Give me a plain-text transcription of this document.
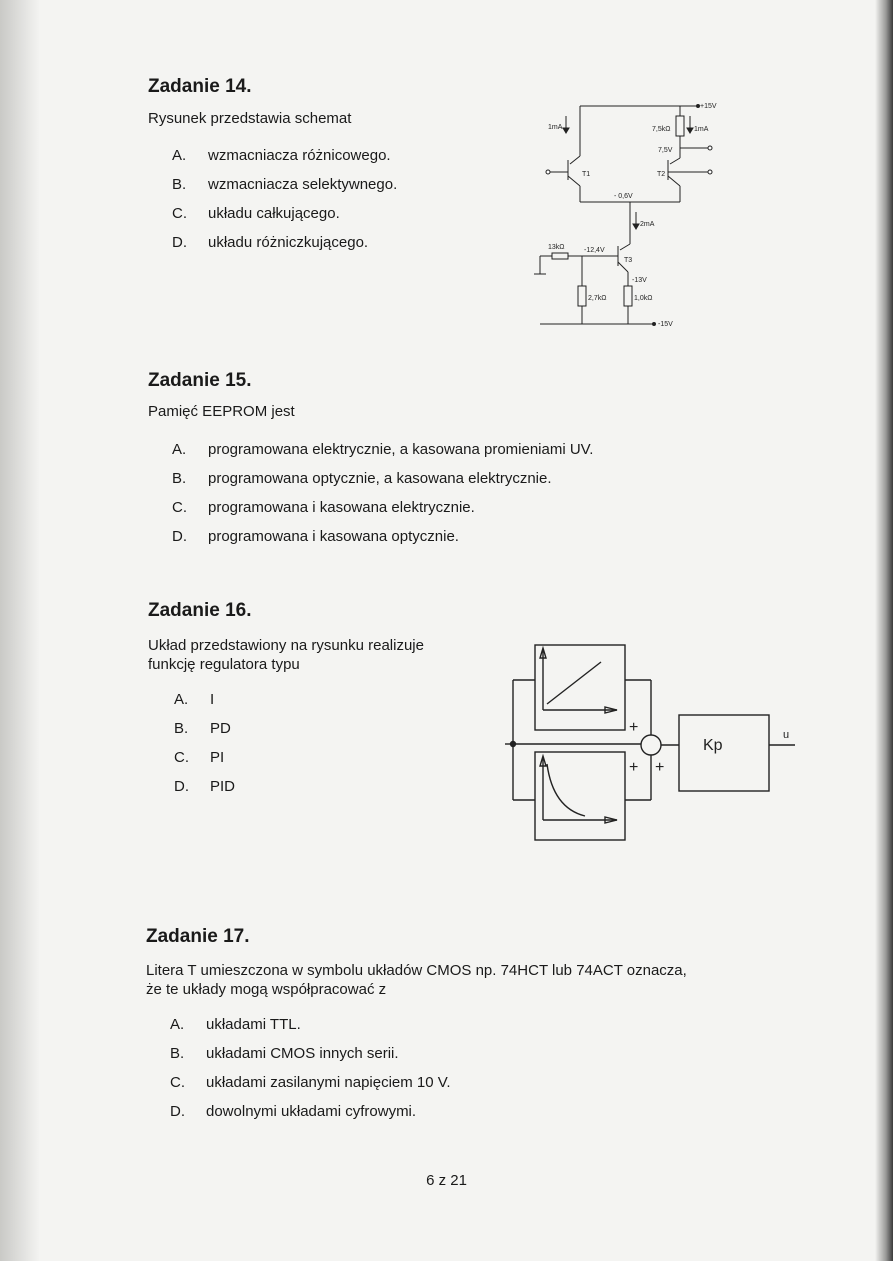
Zadanie 14.

Rysunek przedstawia schemat

A. wzmacniacza różnicowego.

B. wzmacniacza selektywnego.

C. układu całkującego.

D. układu różniczkującego.

+15V
1mA	7,5kΩ	1mA
7,5V
T1	T2
- 0,6V
2mA
13kΩ	-12,4V
T3
-13V
2,7kΩ	1,0kΩ
-15V
Zadanie 15.

Pamięć EEPROM jest

A. programowana elektrycznie, a kasowana promieniami UV.

B. programowana optycznie, a kasowana elektrycznie.

C. programowana i kasowana elektrycznie.

D. programowana i kasowana optycznie.

Zadanie 16.

Układ przedstawiony na rysunku realizuje

funkcję regulatora typu

A. I

B. PD

C. PI

D. PID

+
+ +
Kp
u
Zadanie 17.

Litera T umieszczona w symbolu układów CMOS np. 74HCT lub 74ACT oznacza,

że te układy mogą współpracować z

A. układami TTL.

B. układami CMOS innych serii.

C. układami zasilanymi napięciem 10 V.

D. dowolnymi układami cyfrowymi.

6 z 21
